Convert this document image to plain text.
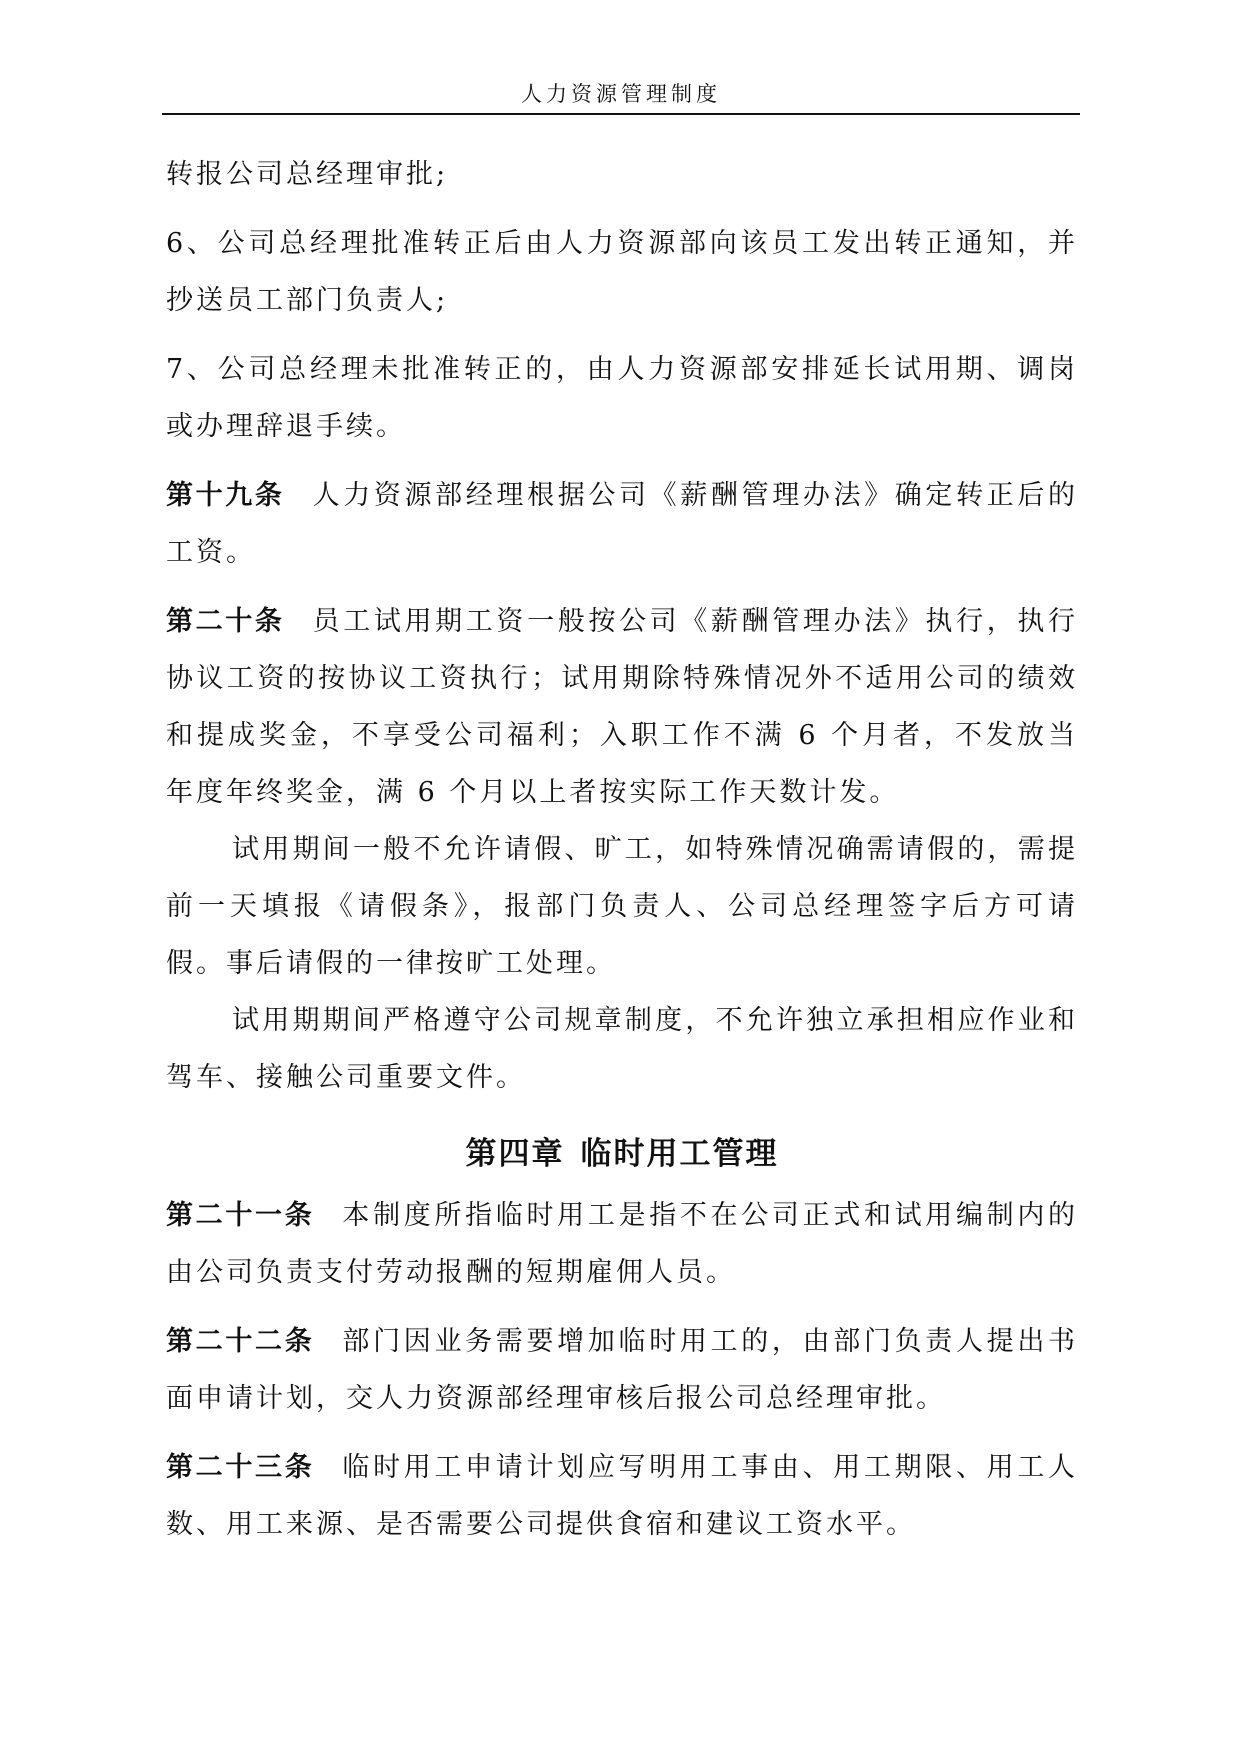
人力资源管理制度

转报公司总经理审批;

6、公司总经理批准转正后由人力资源部向该员工发出转正通知，并抄送员工部门负责人;

7、公司总经理未批准转正的，由人力资源部安排延长试用期、调岗或办理辞退手续。

第十九条 人力资源部经理根据公司《薪酬管理办法》确定转正后的工资。

第二十条 员工试用期工资一般按公司《薪酬管理办法》执行，执行协议工资的按协议工资执行；试用期除特殊情况外不适用公司的绩效和提成奖金，不享受公司福利；入职工作不满 6 个月者，不发放当年度年终奖金，满 6 个月以上者按实际工作天数计发。

试用期间一般不允许请假、旷工，如特殊情况确需请假的，需提前一天填报《请假条》，报部门负责人、公司总经理签字后方可请假。事后请假的一律按旷工处理。

试用期期间严格遵守公司规章制度，不允许独立承担相应作业和驾车、接触公司重要文件。

第四章 临时用工管理

第二十一条 本制度所指临时用工是指不在公司正式和试用编制内的由公司负责支付劳动报酬的短期雇佣人员。

第二十二条 部门因业务需要增加临时用工的，由部门负责人提出书面申请计划，交人力资源部经理审核后报公司总经理审批。

第二十三条 临时用工申请计划应写明用工事由、用工期限、用工人数、用工来源、是否需要公司提供食宿和建议工资水平。
